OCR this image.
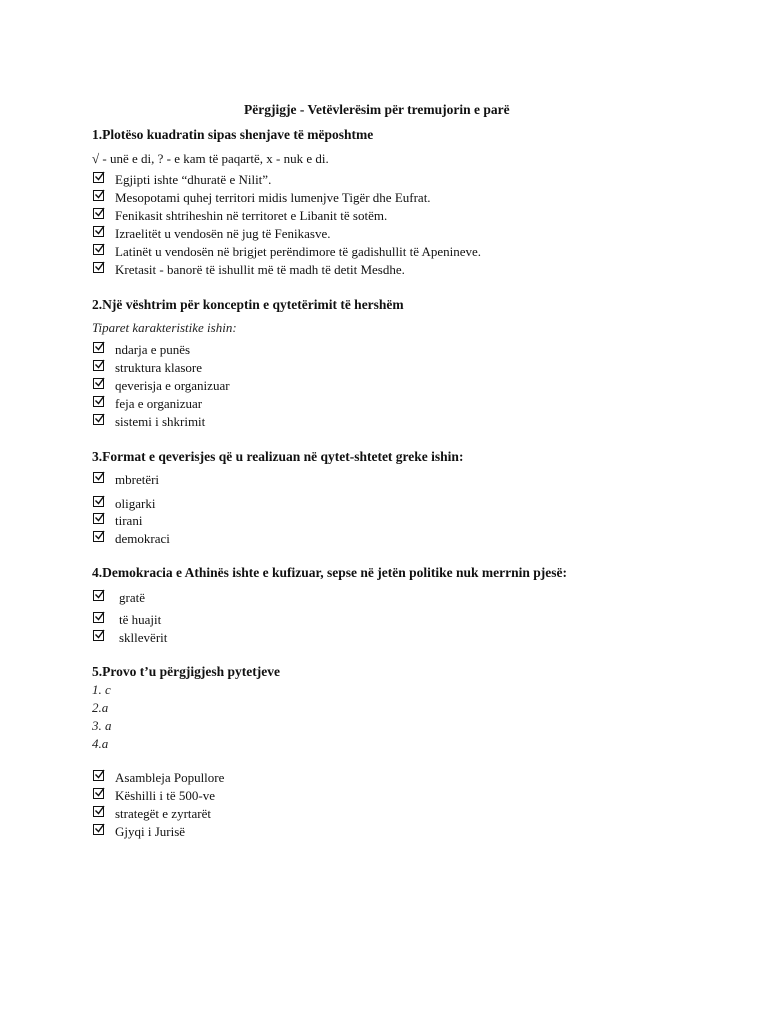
Përgjigje - Vetëvlerësim për tremujorin e parë
1.Plotëso kuadratin sipas shenjave të mëposhtme
√ - unë e di, ? - e kam të paqartë, x - nuk e di.
Egjipti ishte “dhuratë e Nilit”.
Mesopotami quhej territori midis lumenjve Tigër dhe Eufrat.
Fenikasit shtriheshin në territoret e Libanit të sotëm.
Izraelitët u vendosën në jug të Fenikasve.
Latinët u vendosën në brigjet perëndimore të gadishullit të Apenineve.
Kretasit - banorë të ishullit më të madh të detit Mesdhe.
2.Një vështrim për konceptin e qytetërimit të hershëm
Tiparet karakteristike ishin:
ndarja e punës
struktura klasore
qeverisja e organizuar
feja e organizuar
sistemi i shkrimit
3.Format e qeverisjes që u realizuan në qytet-shtetet greke ishin:
mbretëri
oligarki
tirani
demokraci
4.Demokracia e Athinës ishte e kufizuar, sepse në jetën politike nuk merrnin pjesë:
gratë
të huajit
skllevërit
5.Provo t’u përgjigjesh pytetjeve
1. c
2.a
3. a
4.a
Asambleja Popullore
Këshilli i të 500-ve
strategët e zyrtarët
Gjyqi i Jurisë
